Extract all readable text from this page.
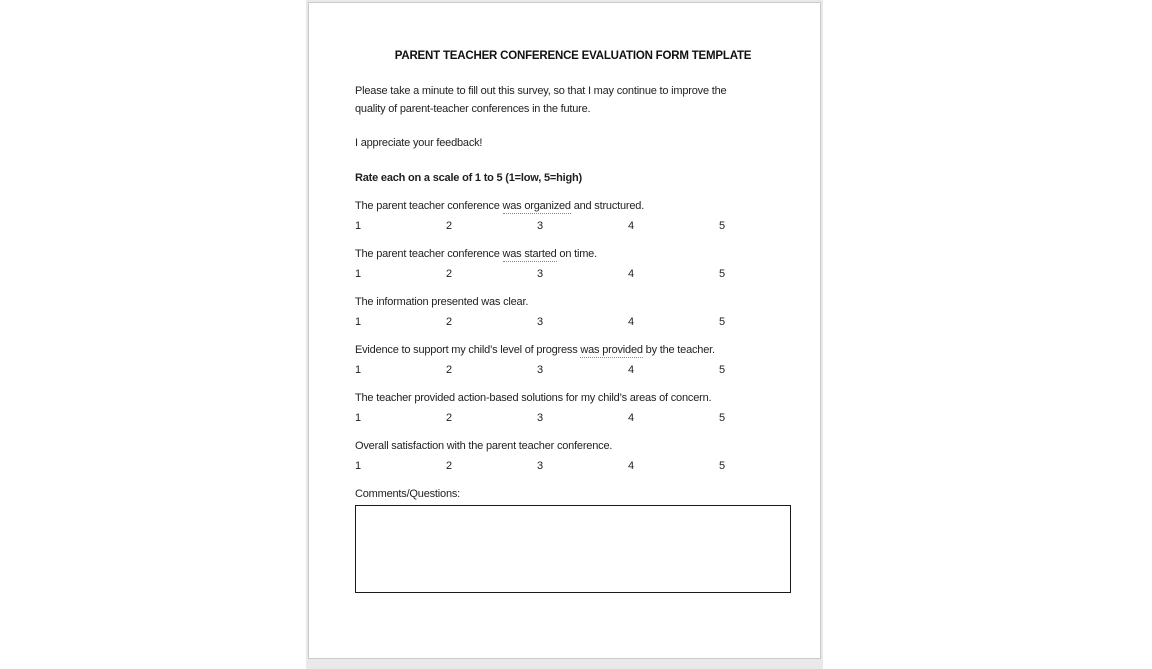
PARENT TEACHER CONFERENCE EVALUATION FORM TEMPLATE
Please take a minute to fill out this survey, so that I may continue to improve the
quality of parent-teacher conferences in the future.
I appreciate your feedback!
Rate each on a scale of 1 to 5 (1=low, 5=high)
The parent teacher conference was organized and structured.
1	2	3	4	5
The parent teacher conference was started on time.
1	2	3	4	5
The information presented was clear.
1	2	3	4	5
Evidence to support my child’s level of progress was provided by the teacher.
1	2	3	4	5
The teacher provided action-based solutions for my child’s areas of concern.
1	2	3	4	5
Overall satisfaction with the parent teacher conference.
1	2	3	4	5
Comments/Questions:
